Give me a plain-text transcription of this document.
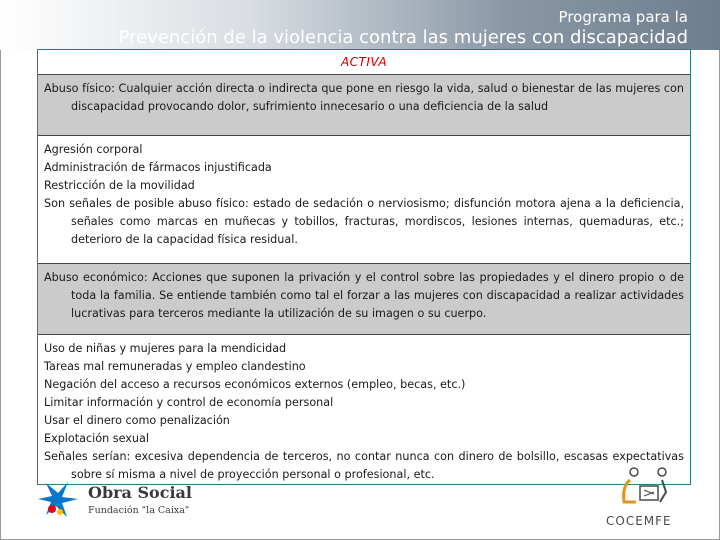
Programa para la
Prevención de la violencia contra las mujeres con discapacidad
ACTIVA
Abuso físico: Cualquier acción directa o indirecta que pone en riesgo la vida, salud o bienestar de las mujeres con discapacidad provocando dolor, sufrimiento innecesario o una deficiencia de la salud
Agresión corporal
Administración de fármacos injustificada
Restricción de la movilidad
Son señales de posible abuso físico: estado de sedación o nerviosismo; disfunción motora ajena a la deficiencia, señales como marcas en muñecas y tobillos, fracturas, mordiscos, lesiones internas, quemaduras, etc.; deterioro de la capacidad física residual.
Abuso económico: Acciones que suponen la privación y el control sobre las propiedades y el dinero propio o de toda la familia. Se entiende también como tal el forzar a las mujeres con discapacidad a realizar actividades lucrativas para terceros mediante la utilización de su imagen o su cuerpo.
Uso de niñas y mujeres para la mendicidad
Tareas mal remuneradas y empleo clandestino
Negación del acceso a recursos económicos externos (empleo, becas, etc.)
Limitar información y control de economía personal
Usar el dinero como penalización
Explotación sexual
Señales serían: excesiva dependencia de terceros, no contar nunca con dinero de bolsillo, escasas expectativas sobre sí misma a nivel de proyección personal o profesional, etc.
Obra Social
Fundación "la Caixa"
COCEMFE
